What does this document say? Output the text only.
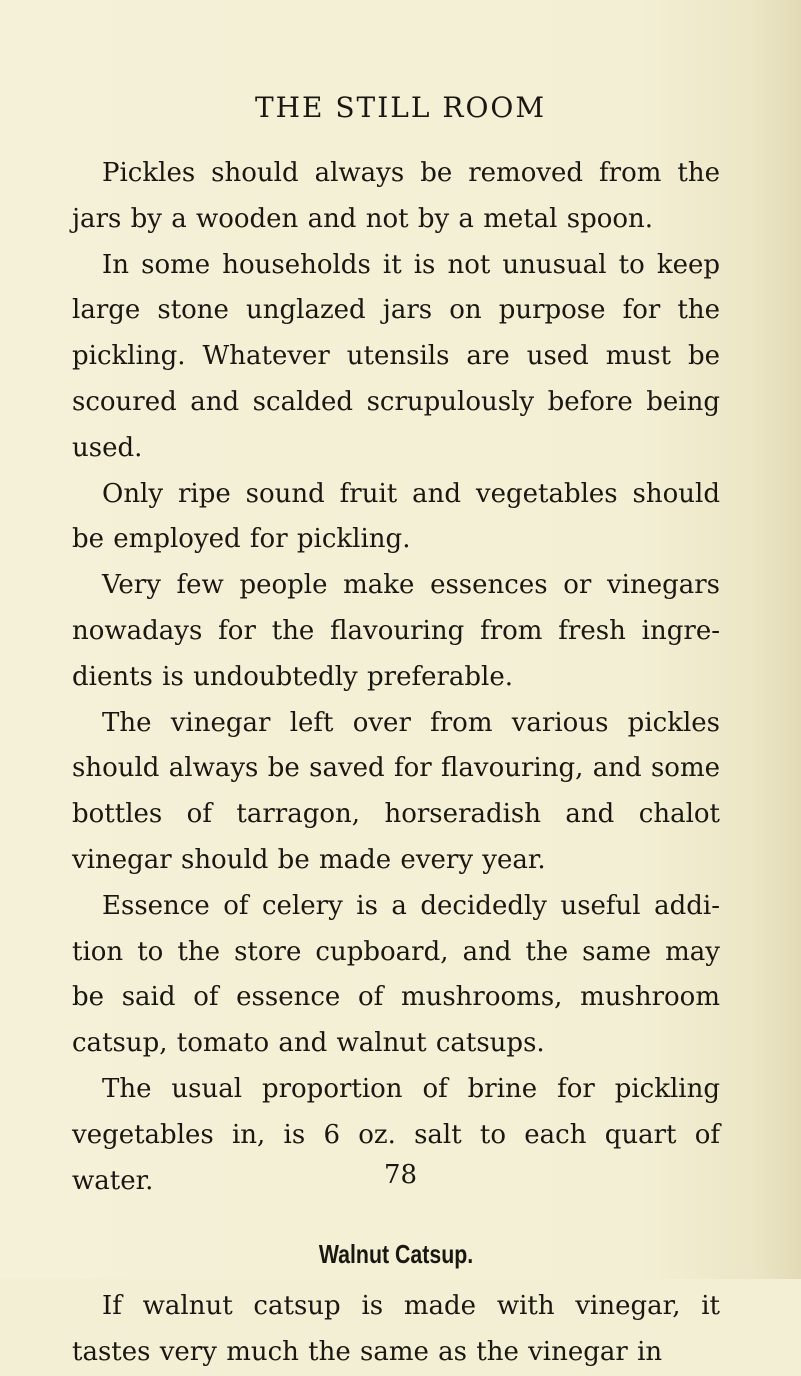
THE STILL ROOM

Pickles should always be removed from the jars by a wooden and not by a metal spoon.

In some households it is not unusual to keep large stone unglazed jars on purpose for the pickling. Whatever utensils are used must be scoured and scalded scrupulously before being used.

Only ripe sound fruit and vegetables should be employed for pickling.

Very few people make essences or vinegars nowadays for the flavouring from fresh ingre-dients is undoubtedly preferable.

The vinegar left over from various pickles should always be saved for flavouring, and some bottles of tarragon, horseradish and chalot vinegar should be made every year.

Essence of celery is a decidedly useful addi-tion to the store cupboard, and the same may be said of essence of mushrooms, mushroom catsup, tomato and walnut catsups.

The usual proportion of brine for pickling vegetables in, is 6 oz. salt to each quart of water.

Walnut Catsup.

If walnut catsup is made with vinegar, it tastes very much the same as the vinegar in

78
